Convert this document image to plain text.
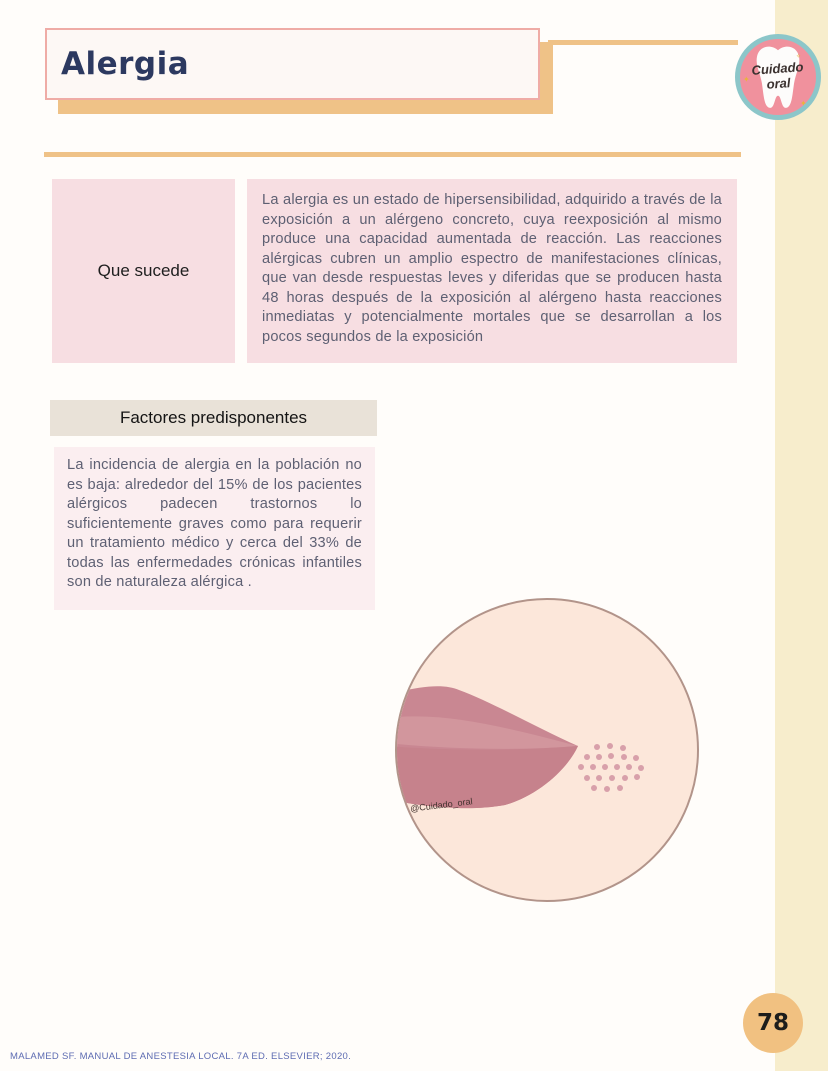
Alergia	Cuidado
oral
✦
✦
✧
Que sucede

La alergia es un estado de hipersensibilidad, adquirido a través de la exposición a un alérgeno concreto, cuya reexposición al mismo produce una capacidad aumentada de reacción. Las reacciones alérgicas cubren un amplio espectro de manifestaciones clínicas, que van desde respuestas leves y diferidas que se producen hasta 48 horas después de la exposición al alérgeno hasta reacciones inmediatas y potencialmente mortales que se desarrollan a los pocos segundos de la exposición

Factores predisponentes

La incidencia de alergia en la población no es baja: alrededor del 15% de los pacientes alérgicos padecen trastornos lo suficientemente graves como para requerir un tratamiento médico y cerca del 33% de todas las enfermedades crónicas infantiles son de naturaleza alérgica .

@Cuidado_oral
78
MALAMED SF. MANUAL DE ANESTESIA LOCAL. 7A ED. ELSEVIER; 2020.
